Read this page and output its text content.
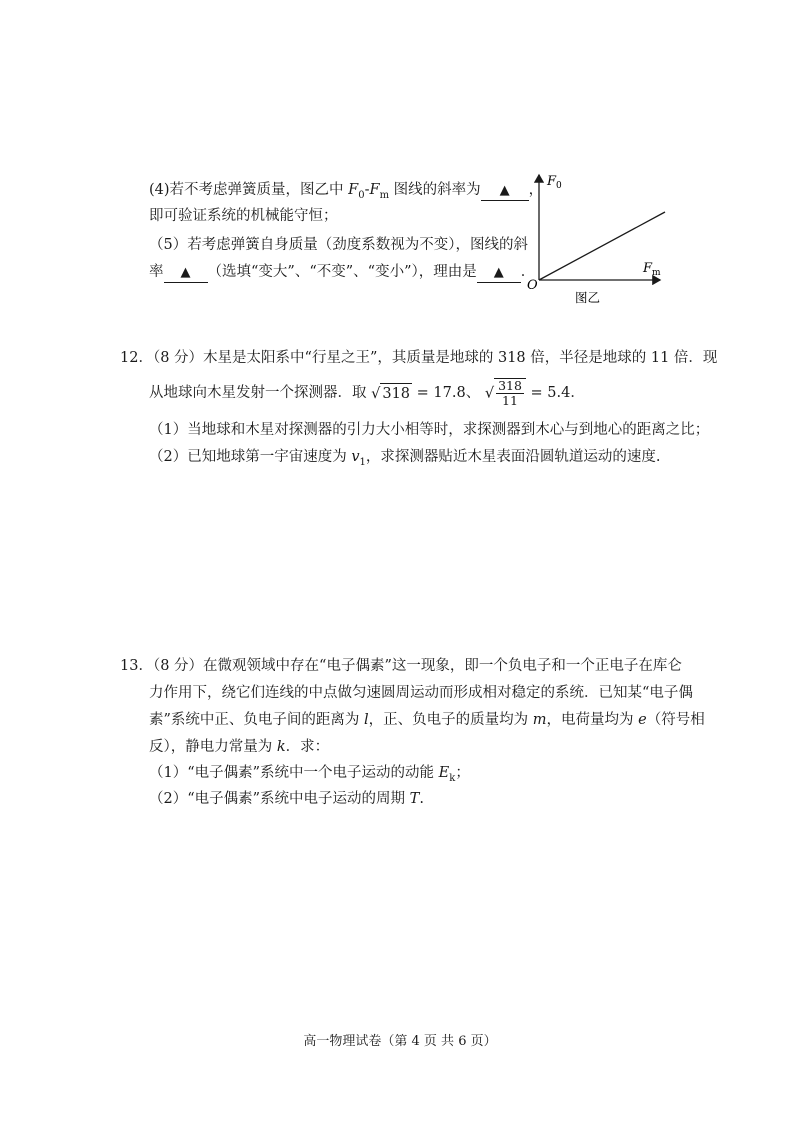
(4)若不考虑弹簧质量，图乙中 $F_0-F_m$ 图线的斜率为 ▲ ，
即可验证系统的机械能守恒；
（5）若考虑弹簧自身质量（劲度系数视为不变），图线的斜
率 ▲ （选填“变大”、“不变”、“变小”），理由是 ▲ ．
$F_0$
$F_m$
O
图乙
12．（8 分）木星是太阳系中“行星之王”，其质量是地球的 318 倍，半径是地球的 11 倍．现
从地球向木星发射一个探测器．取 √ 318 = 17.8、 √ $\frac{318}{11} = 5.4$．
（1）当地球和木星对探测器的引力大小相等时，求探测器到木心与到地心的距离之比；
（2）已知地球第一宇宙速度为 $v_1$，求探测器贴近木星表面沿圆轨道运动的速度.
13．（8 分）在微观领域中存在“电子偶素”这一现象，即一个负电子和一个正电子在库仑
力作用下，绕它们连线的中点做匀速圆周运动而形成相对稳定的系统．已知某“电子偶
素”系统中正、负电子间的距离为 l，正、负电子的质量均为 m，电荷量均为 e（符号相
反），静电力常量为 k．求：
（1）“电子偶素”系统中一个电子运动的动能 $E_k$；
（2）“电子偶素”系统中电子运动的周期 T.
高一物理试卷（第 4 页 共 6 页）
